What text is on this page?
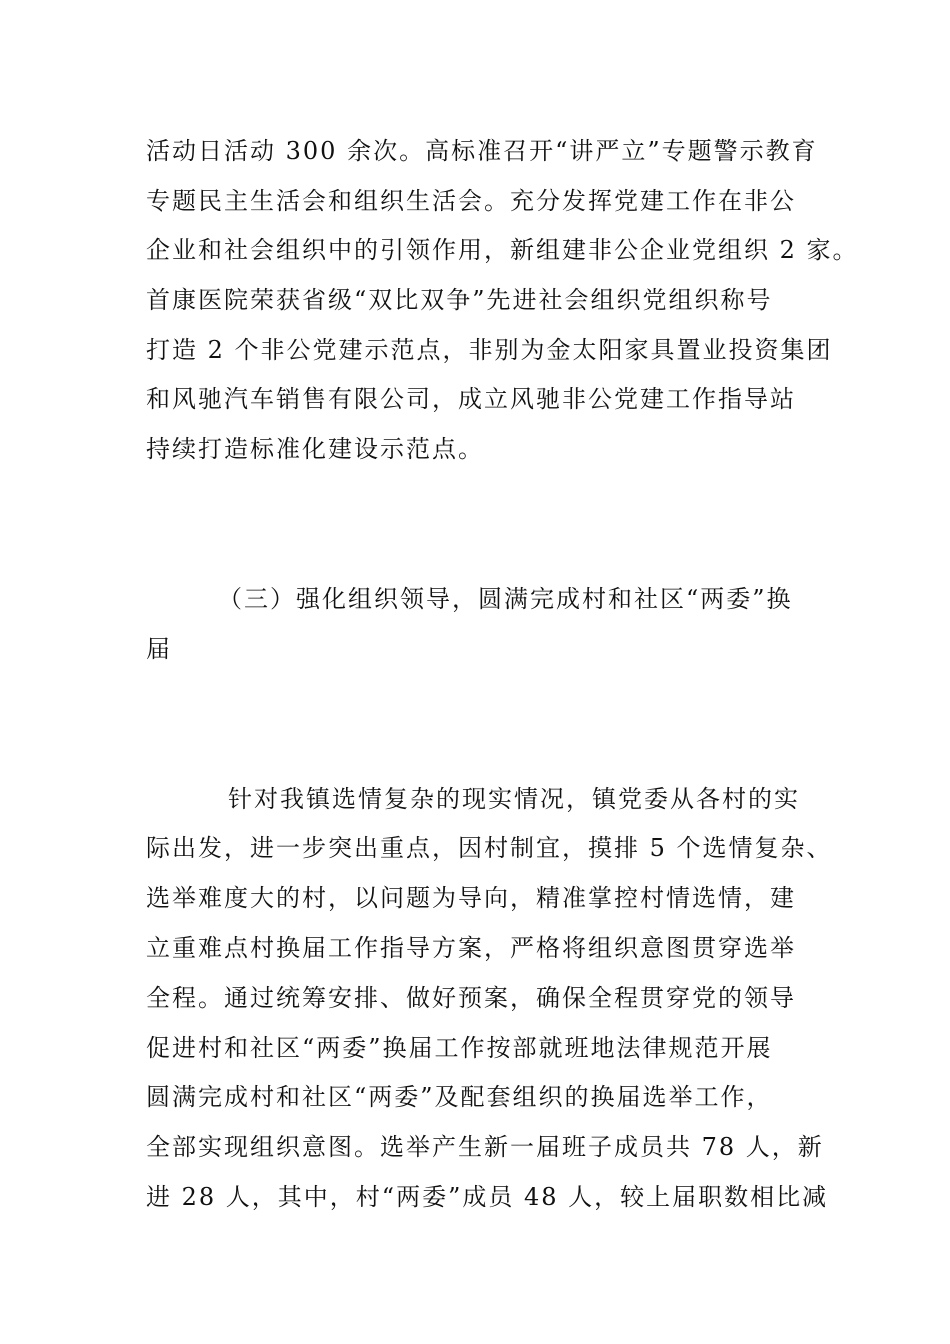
活动日活动 300 余次。高标准召开“讲严立”专题警示教育

专题民主生活会和组织生活会。充分发挥党建工作在非公

企业和社会组织中的引领作用，新组建非公企业党组织 2 家。

首康医院荣获省级“双比双争”先进社会组织党组织称号

打造 2 个非公党建示范点，非别为金太阳家具置业投资集团

和风驰汽车销售有限公司，成立风驰非公党建工作指导站

持续打造标准化建设示范点。

（三）强化组织领导，圆满完成村和社区“两委”换

届

针对我镇选情复杂的现实情况，镇党委从各村的实

际出发，进一步突出重点，因村制宜，摸排 5 个选情复杂、

选举难度大的村，以问题为导向，精准掌控村情选情，建

立重难点村换届工作指导方案，严格将组织意图贯穿选举

全程。通过统筹安排、做好预案，确保全程贯穿党的领导

促进村和社区“两委”换届工作按部就班地法律规范开展

圆满完成村和社区“两委”及配套组织的换届选举工作，

全部实现组织意图。选举产生新一届班子成员共 78 人，新

进 28 人，其中，村“两委”成员 48 人，较上届职数相比减
